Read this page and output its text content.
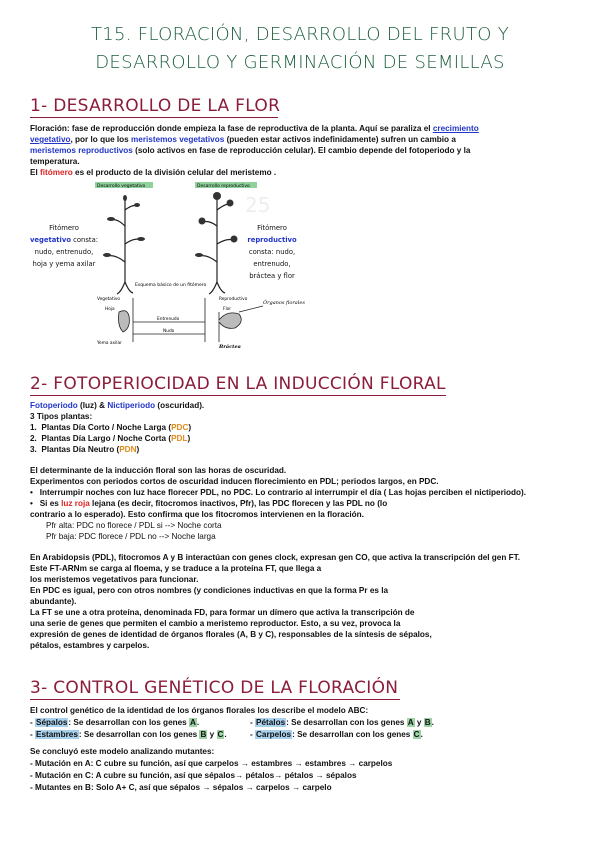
T15. FLORACIÓN, DESARROLLO DEL FRUTO Y
DESARROLLO Y GERMINACIÓN DE SEMILLAS
1- DESARROLLO DE LA FLOR
Floración: fase de reproducción donde empieza la fase de reproductiva de la planta. Aquí se paraliza el crecimiento
vegetativo, por lo que los meristemos vegetativos (pueden estar activos indefinidamente) sufren un cambio a
meristemos reproductivos (solo activos en fase de reproducción celular). El cambio depende del fotoperiodo y la
temperatura.
El fitómero es el producto de la división celular del meristemo .
Fitómero
vegetativo consta:
nudo, entrenudo,
hoja y yema axilar
Fitómero
reproductivo
consta: nudo,
entrenudo,
bráctea y flor
Desarrollo vegetativo	Desarrollo reproductivo
25
Esquema básico de un fitómero
Vegetativo
Hoja
Yema axilar
Entrenudo
Nudo
Reproductivo
Flor
Órganos florales
Bráctea
2- FOTOPERIOCIDAD EN LA INDUCCIÓN FLORAL
Fotoperiodo (luz) & Nictiperiodo (oscuridad).
3 Tipos plantas:
1. Plantas Día Corto / Noche Larga (PDC)
2. Plantas Día Largo / Noche Corta (PDL)
3. Plantas Día Neutro (PDN)
El determinante de la inducción floral son las horas de oscuridad.
Experimentos con periodos cortos de oscuridad inducen florecimiento en PDL; periodos largos, en PDC.
•   Interrumpir noches con luz hace florecer PDL, no PDC. Lo contrario al interrumpir el día ( Las hojas perciben el nictiperiodo).
•   Si es luz roja lejana (es decir, fitocromos inactivos, Pfr), las PDC florecen y las PDL no (lo
contrario a lo esperado). Esto confirma que los fitocromos intervienen en la floración.
Pfr alta: PDC no florece / PDL si --> Noche corta
Pfr baja: PDC florece / PDL no --> Noche larga
En Arabidopsis (PDL), fitocromos A y B interactúan con genes clock, expresan gen CO, que activa la transcripción del gen FT.
Este FT-ARNm se carga al floema, y se traduce a la proteína FT, que llega a
los meristemos vegetativos para funcionar.
En PDC es igual, pero con otros nombres (y condiciones inductivas en que la forma Pr es la
abundante).
La FT se une a otra proteína, denominada FD, para formar un dímero que activa la transcripción de
una serie de genes que permiten el cambio a meristemo reproductor. Esto, a su vez, provoca la
expresión de genes de identidad de órganos florales (A, B y C), responsables de la síntesis de sépalos,
pétalos, estambres y carpelos.
3- CONTROL GENÉTICO DE LA FLORACIÓN
El control genético de la identidad de los órganos florales los describe el modelo ABC:
- Sépalos: Se desarrollan con los genes A.	- Pétalos: Se desarrollan con los genes A y B.
- Estambres: Se desarrollan con los genes B y C.	- Carpelos: Se desarrollan con los genes C.
Se concluyó este modelo analizando mutantes:
- Mutación en A: C cubre su función, así que carpelos → estambres → estambres → carpelos
- Mutación en C: A cubre su función, así que sépalos→ pétalos→ pétalos → sépalos
- Mutantes en B: Solo A+ C, así que sépalos → sépalos → carpelos → carpelo
